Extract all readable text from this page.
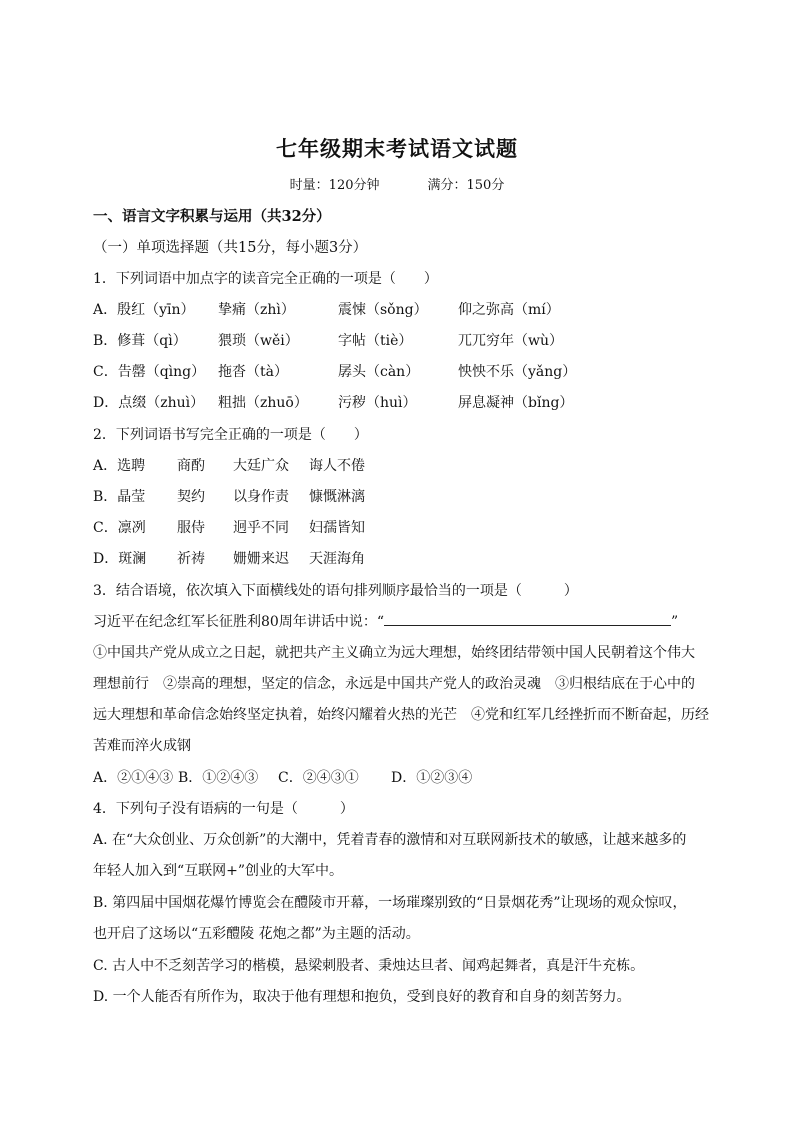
七年级期末考试语文试题
时量：120分钟	满分：150分
一、语言文字积累与运用（共32分）
（一）单项选择题（共15分，每小题3分）
1．下列词语中加点字的读音完全正确的一项是（　　）
A．殷红（yīn） 挚痛（zhì）	震悚（sǒng） 仰之弥高（mí）
B．修葺（qì） 猥琐（wěi）	字帖（tiè）	兀兀穷年（wù）
C．告罄（qìng） 拖沓（tà）	孱头（càn）	怏怏不乐（yǎng）
D．点缀（zhuì） 粗拙（zhuō） 污秽（huì）	屏息凝神（bǐng）
2．下列词语书写完全正确的一项是（　　）
A．选聘 商酌 大廷广众 诲人不倦
B．晶莹 契约 以身作责 慷慨淋漓
C．凛冽 服侍 迥乎不同 妇孺皆知
D．斑澜 祈祷 姗姗来迟 天涯海角
3．结合语境，依次填入下面横线处的语句排列顺序最恰当的一项是（　　　）
习近平在纪念红军长征胜利80周年讲话中说：“	”
①中国共产党从成立之日起，就把共产主义确立为远大理想，始终团结带领中国人民朝着这个伟大
理想前行　②崇高的理想，坚定的信念，永远是中国共产党人的政治灵魂　③归根结底在于心中的
远大理想和革命信念始终坚定执着，始终闪耀着火热的光芒　④党和红军几经挫折而不断奋起，历经
苦难而淬火成钢
A．②①④③ B．①②④③ C．②④③① D．①②③④
4．下列句子没有语病的一句是（　　　）
A. 在“大众创业、万众创新”的大潮中，凭着青春的激情和对互联网新技术的敏感，让越来越多的
年轻人加入到“互联网+”创业的大军中。
B. 第四届中国烟花爆竹博览会在醴陵市开幕，一场璀璨别致的“日景烟花秀”让现场的观众惊叹，
也开启了这场以“五彩醴陵 花炮之都”为主题的活动。
C. 古人中不乏刻苦学习的楷模，悬梁刺股者、秉烛达旦者、闻鸡起舞者，真是汗牛充栋。
D. 一个人能否有所作为，取决于他有理想和抱负，受到良好的教育和自身的刻苦努力。
